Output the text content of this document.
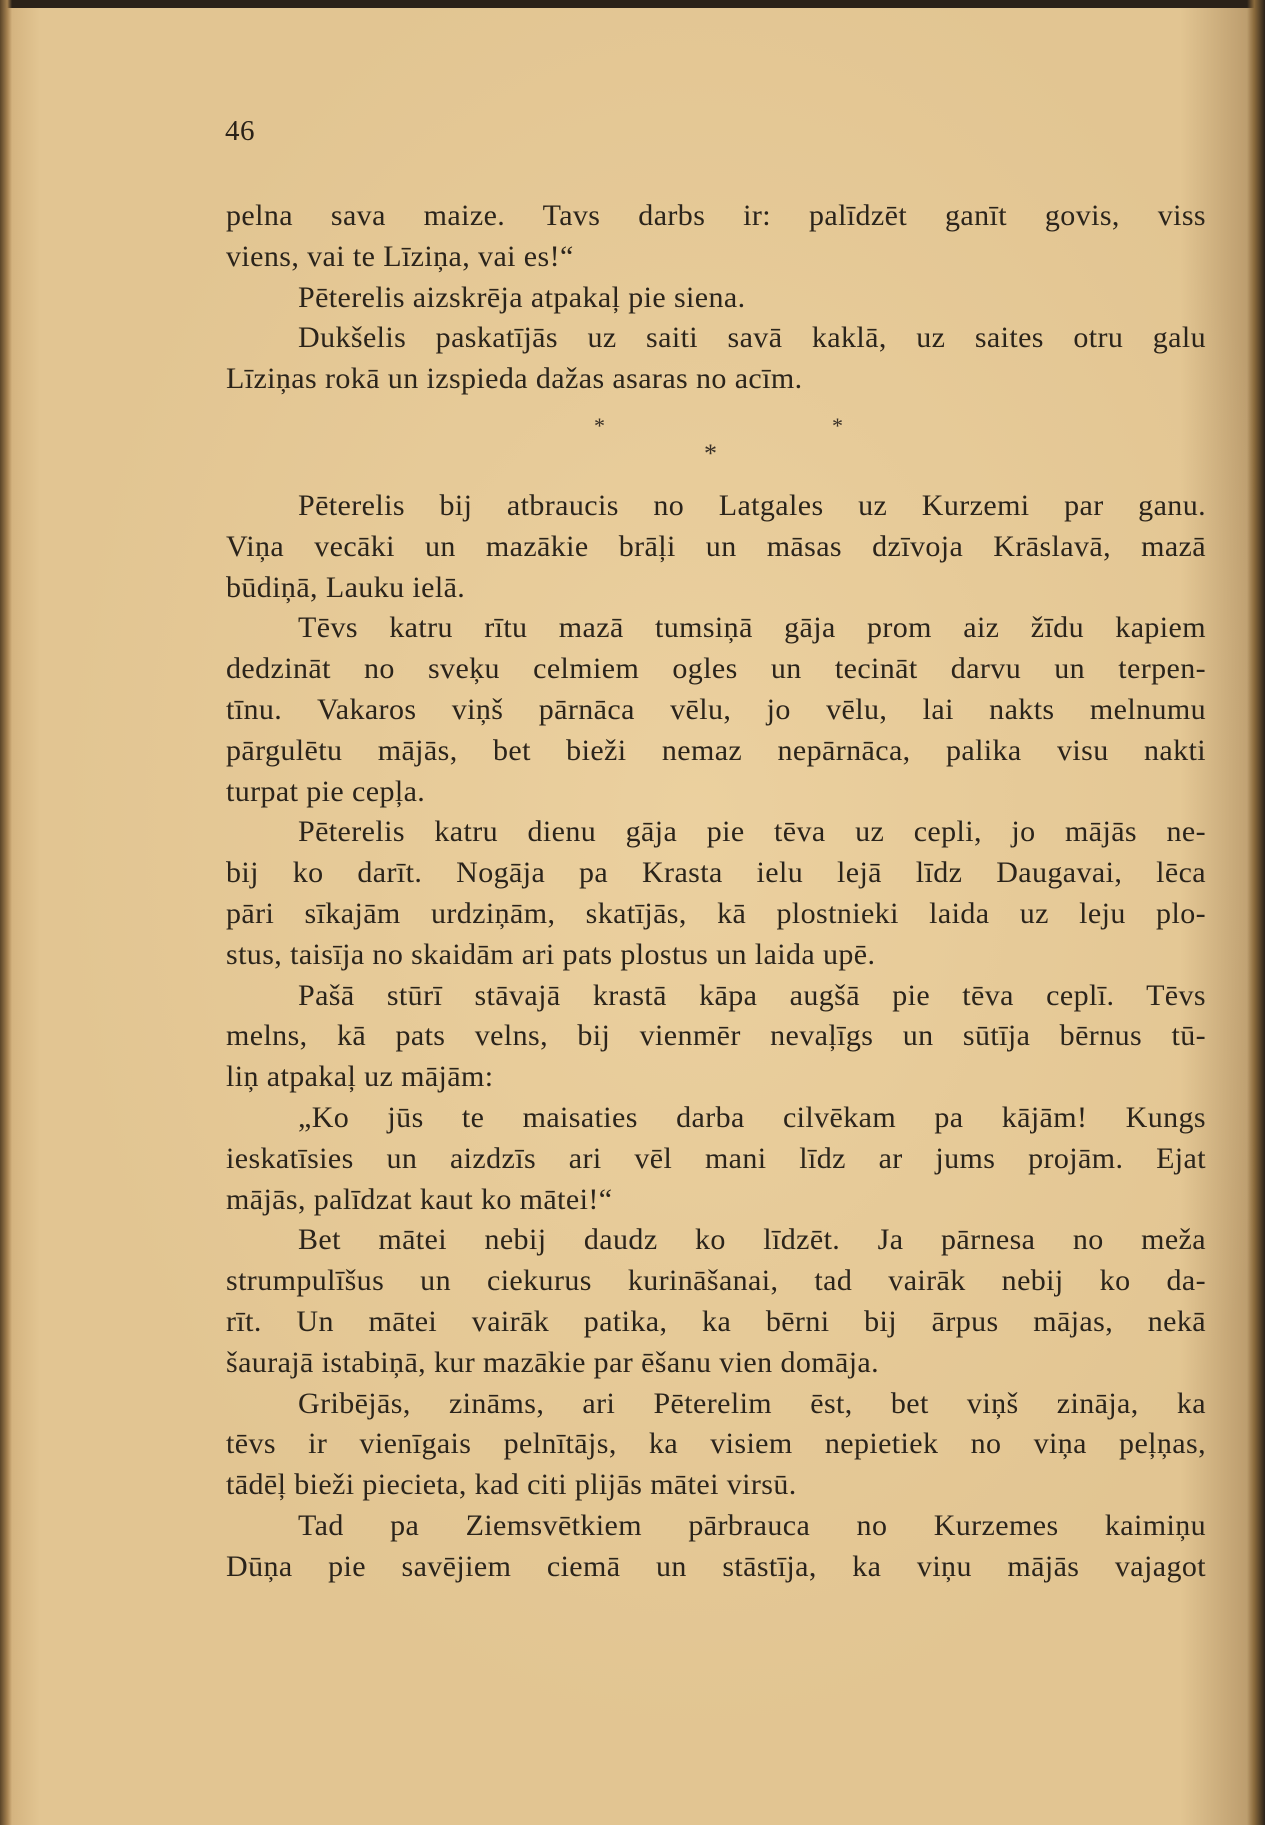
46
pelna sava maize. Tavs darbs ir: palīdzēt ganīt govis, viss
viens, vai te Līziņa, vai es!“
Pēterelis aizskrēja atpakaļ pie siena.
Dukšelis paskatījās uz saiti savā kaklā, uz saites otru galu
Līziņas rokā un izspieda dažas asaras no acīm.
*	*
*
Pēterelis bij atbraucis no Latgales uz Kurzemi par ganu.
Viņa vecāki un mazākie brāļi un māsas dzīvoja Krāslavā, mazā
būdiņā, Lauku ielā.
Tēvs katru rītu mazā tumsiņā gāja prom aiz žīdu kapiem
dedzināt no sveķu celmiem ogles un tecināt darvu un terpen-
tīnu. Vakaros viņš pārnāca vēlu, jo vēlu, lai nakts melnumu
pārgulētu mājās, bet bieži nemaz nepārnāca, palika visu nakti
turpat pie cepļa.
Pēterelis katru dienu gāja pie tēva uz cepli, jo mājās ne-
bij ko darīt. Nogāja pa Krasta ielu lejā līdz Daugavai, lēca
pāri sīkajām urdziņām, skatījās, kā plostnieki laida uz leju plo-
stus, taisīja no skaidām ari pats plostus un laida upē.
Pašā stūrī stāvajā krastā kāpa augšā pie tēva ceplī. Tēvs
melns, kā pats velns, bij vienmēr nevaļīgs un sūtīja bērnus tū-
liņ atpakaļ uz mājām:
„Ko jūs te maisaties darba cilvēkam pa kājām! Kungs
ieskatīsies un aizdzīs ari vēl mani līdz ar jums projām. Ejat
mājās, palīdzat kaut ko mātei!“
Bet mātei nebij daudz ko līdzēt. Ja pārnesa no meža
strumpulīšus un ciekurus kurināšanai, tad vairāk nebij ko da-
rīt. Un mātei vairāk patika, ka bērni bij ārpus mājas, nekā
šaurajā istabiņā, kur mazākie par ēšanu vien domāja.
Gribējās, zināms, ari Pēterelim ēst, bet viņš zināja, ka
tēvs ir vienīgais pelnītājs, ka visiem nepietiek no viņa peļņas,
tādēļ bieži piecieta, kad citi plijās mātei virsū.
Tad pa Ziemsvētkiem pārbrauca no Kurzemes kaimiņu
Dūņa pie savējiem ciemā un stāstīja, ka viņu mājās vajagot
